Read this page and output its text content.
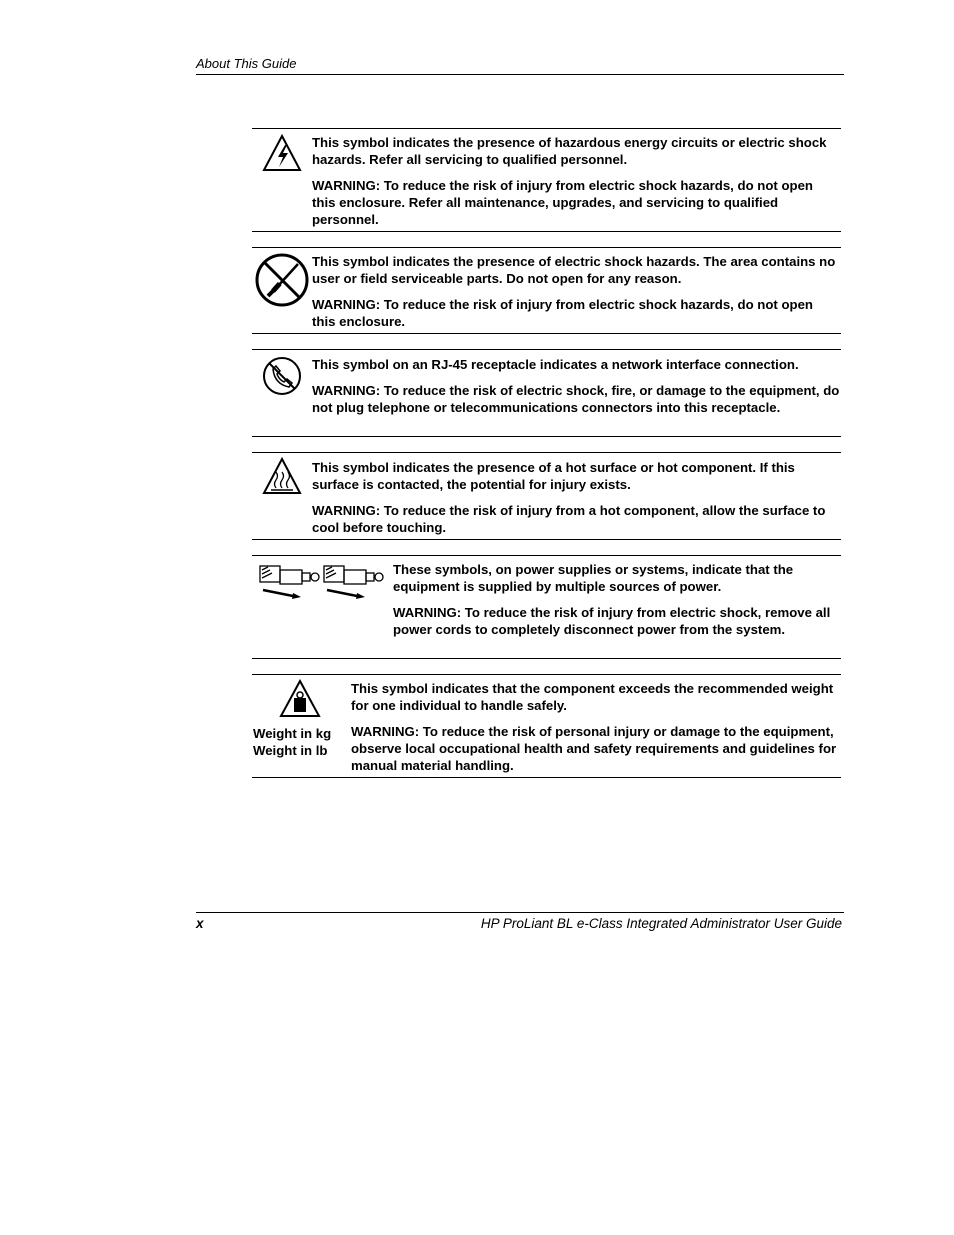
About This Guide

This symbol indicates the presence of hazardous energy circuits or electric shock hazards. Refer all servicing to qualified personnel.

WARNING: To reduce the risk of injury from electric shock hazards, do not open this enclosure. Refer all maintenance, upgrades, and servicing to qualified personnel.

This symbol indicates the presence of electric shock hazards. The area contains no user or field serviceable parts. Do not open for any reason.

WARNING: To reduce the risk of injury from electric shock hazards, do not open this enclosure.

This symbol on an RJ-45 receptacle indicates a network interface connection.

WARNING: To reduce the risk of electric shock, fire, or damage to the equipment, do not plug telephone or telecommunications connectors into this receptacle.

This symbol indicates the presence of a hot surface or hot component. If this surface is contacted, the potential for injury exists.

WARNING: To reduce the risk of injury from a hot component, allow the surface to cool before touching.

These symbols, on power supplies or systems, indicate that the equipment is supplied by multiple sources of power.

WARNING: To reduce the risk of injury from electric shock, remove all power cords to completely disconnect power from the system.

Weight in kg
Weight in lb

This symbol indicates that the component exceeds the recommended weight for one individual to handle safely.

WARNING: To reduce the risk of personal injury or damage to the equipment, observe local occupational health and safety requirements and guidelines for manual material handling.

x	HP ProLiant BL e-Class Integrated Administrator User Guide
